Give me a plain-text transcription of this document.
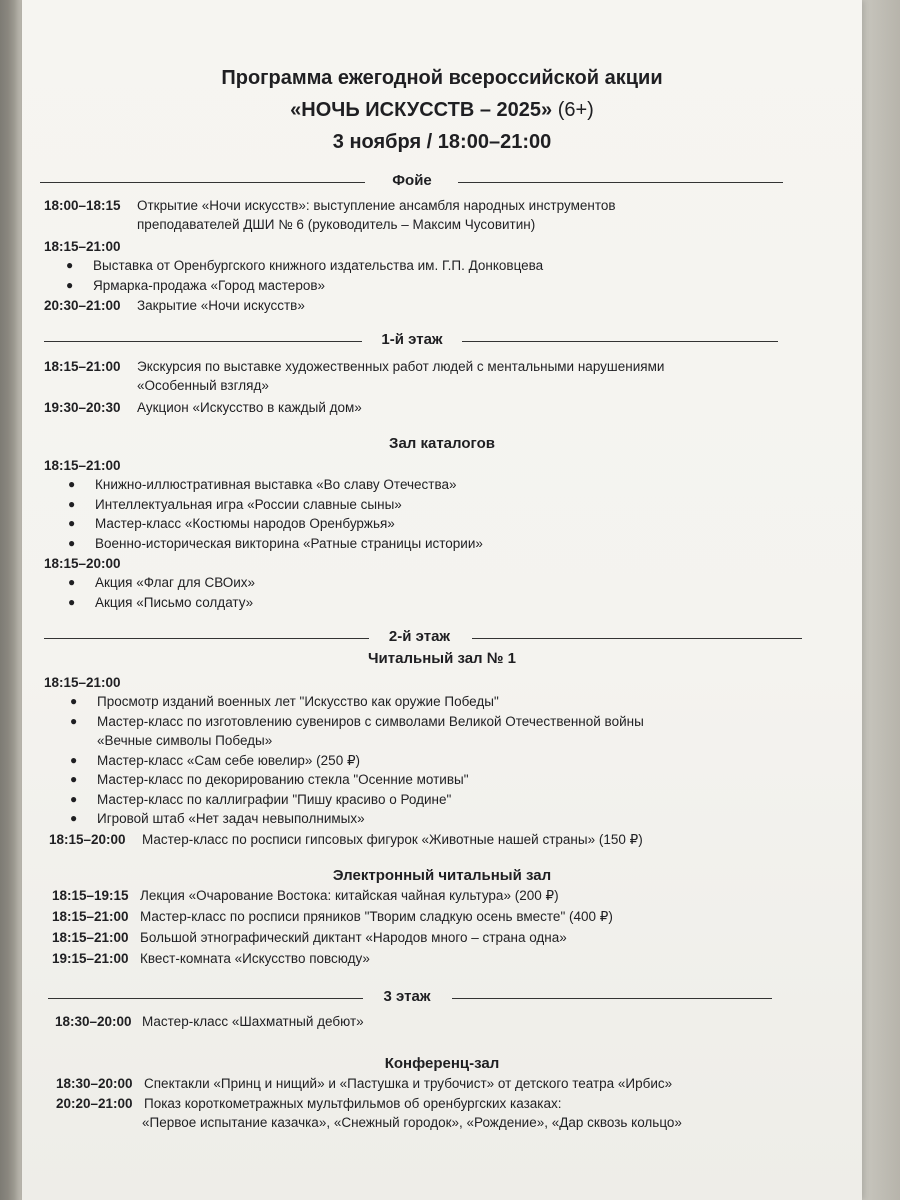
Программа ежегодной всероссийской акции
«НОЧЬ ИСКУССТВ – 2025» (6+)
3 ноября / 18:00–21:00
Фойе
18:00–18:15 Открытие «Ночи искусств»: выступление ансамбля народных инструментов
преподавателей ДШИ № 6 (руководитель – Максим Чусовитин)
18:15–21:00
● Выставка от Оренбургского книжного издательства им. Г.П. Донковцева
● Ярмарка-продажа «Город мастеров»
20:30–21:00 Закрытие «Ночи искусств»
1-й этаж
18:15–21:00 Экскурсия по выставке художественных работ людей с ментальными нарушениями
«Особенный взгляд»
19:30–20:30 Аукцион «Искусство в каждый дом»
Зал каталогов
18:15–21:00
● Книжно-иллюстративная выставка «Во славу Отечества»
● Интеллектуальная игра «России славные сыны»
● Мастер-класс «Костюмы народов Оренбуржья»
● Военно-историческая викторина «Ратные страницы истории»
18:15–20:00
● Акция «Флаг для СВОих»
● Акция «Письмо солдату»
2-й этаж
Читальный зал № 1
18:15–21:00
● Просмотр изданий военных лет "Искусство как оружие Победы"
● Мастер-класс по изготовлению сувениров с символами Великой Отечественной войны
«Вечные символы Победы»
● Мастер-класс «Сам себе ювелир» (250 ₽)
● Мастер-класс по декорированию стекла "Осенние мотивы"
● Мастер-класс по каллиграфии "Пишу красиво о Родине"
● Игровой штаб «Нет задач невыполнимых»
18:15–20:00 Мастер-класс по росписи гипсовых фигурок «Животные нашей страны» (150 ₽)
Электронный читальный зал
18:15–19:15 Лекция «Очарование Востока: китайская чайная культура» (200 ₽)
18:15–21:00 Мастер-класс по росписи пряников "Творим сладкую осень вместе" (400 ₽)
18:15–21:00 Большой этнографический диктант «Народов много – страна одна»
19:15–21:00 Квест-комната «Искусство повсюду»
3 этаж
18:30–20:00 Мастер-класс «Шахматный дебют»
Конференц-зал
18:30–20:00 Спектакли «Принц и нищий» и «Пастушка и трубочист» от детского театра «Ирбис»
20:20–21:00 Показ короткометражных мультфильмов об оренбургских казаках:
«Первое испытание казачка», «Снежный городок», «Рождение», «Дар сквозь кольцо»
